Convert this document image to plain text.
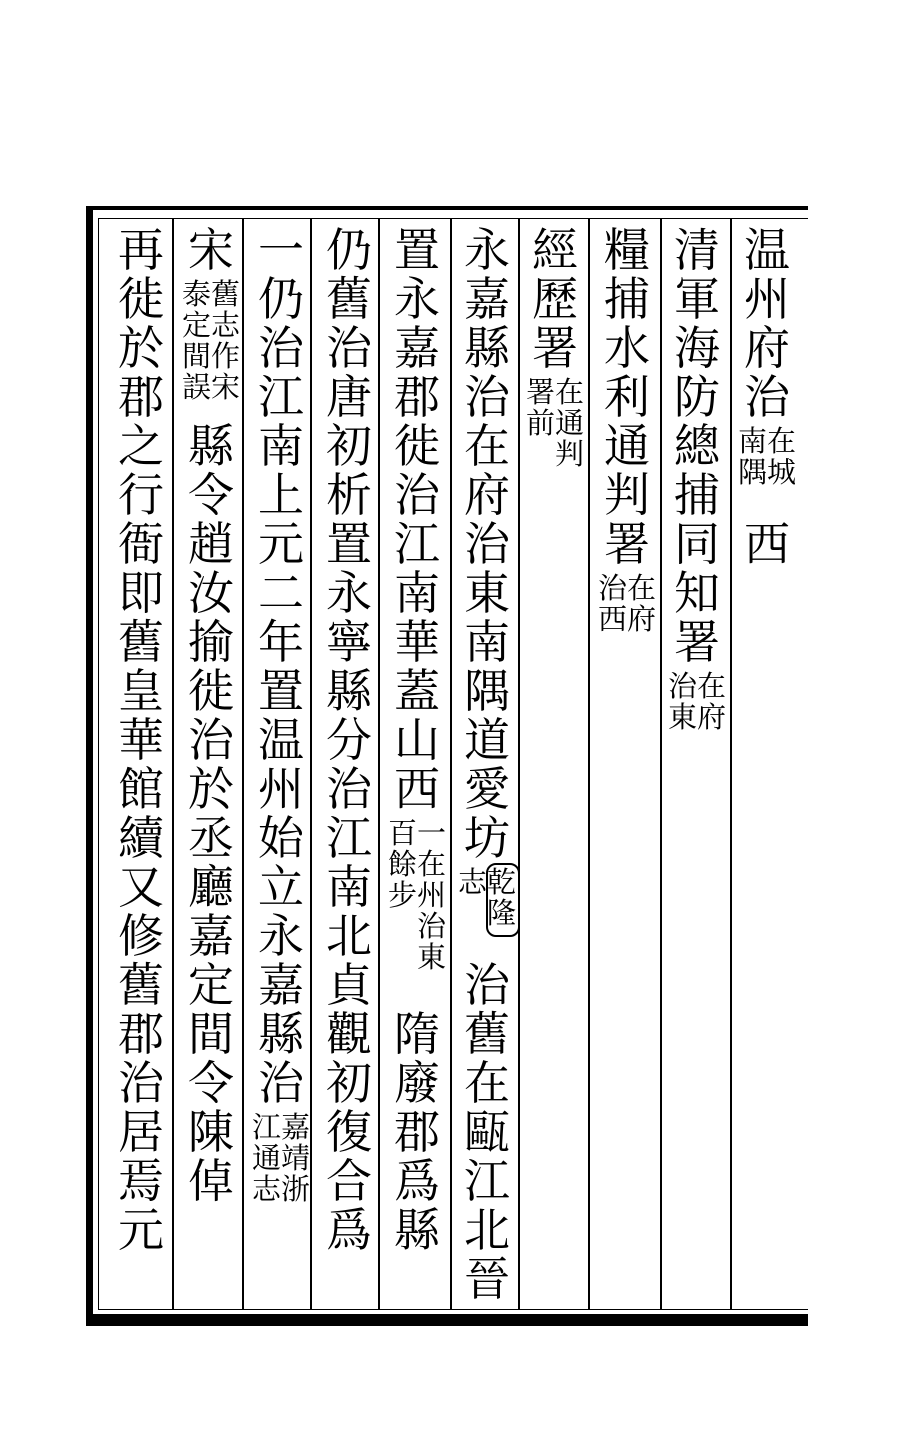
温
州
府
治
在
城
南
隅
西
清
軍
海
防
總
捕
同
知
署
在
府
治
東
糧
捕
水
利
通
判
署
在
府
治
西
經
歷
署
在
通
判
署
前
永
嘉
縣
治
在
府
治
東
南
隅
道
愛
坊
乾
隆
志
治
舊
在
甌
江
北
晉
置
永
嘉
郡
徙
治
江
南
華
蓋
山
西
一
在
州
治
東
百
餘
步
隋
廢
郡
爲
縣
仍
舊
治
唐
初
析
置
永
寧
縣
分
治
江
南
北
貞
觀
初
復
合
爲
一
仍
治
江
南
上
元
二
年
置
温
州
始
立
永
嘉
縣
治
嘉
靖
浙
江
通
志
宋
舊
志
作
宋
泰
定
間
誤
縣
令
趙
汝
揄
徙
治
於
丞
廳
嘉
定
間
令
陳
倬
再
徙
於
郡
之
行
衙
即
舊
皇
華
館
續
又
修
舊
郡
治
居
焉
元
